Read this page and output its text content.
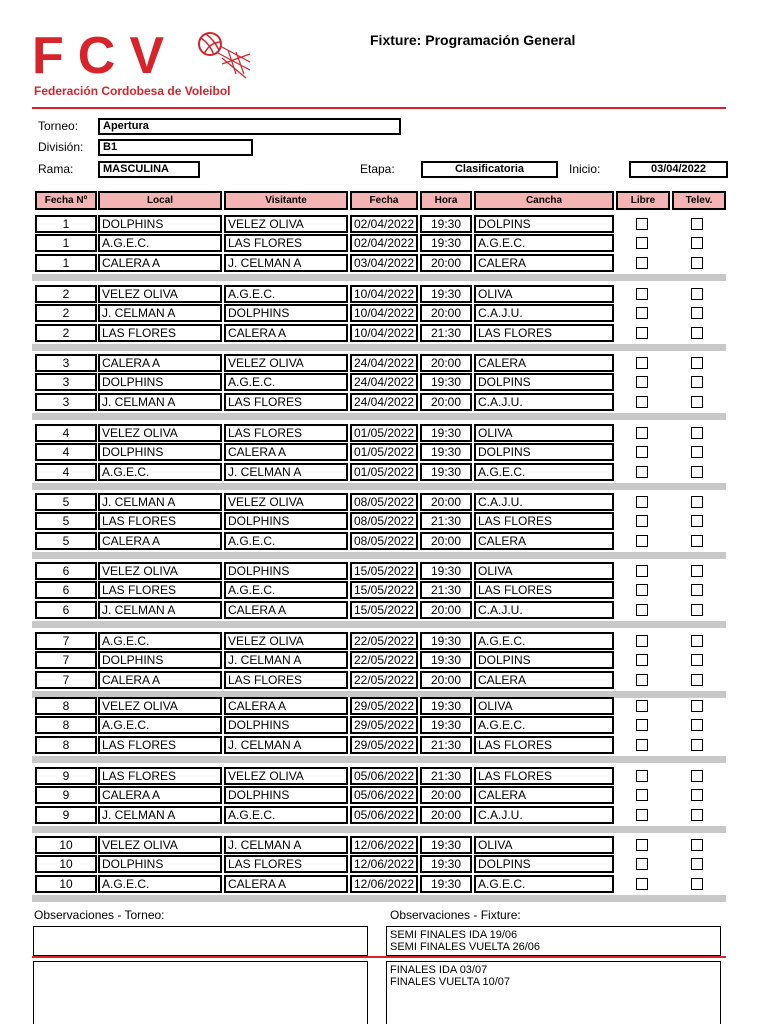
FCV
Federación Cordobesa de Voleibol
Fixture: Programación General
Torneo:	Apertura
División:	B1
Rama:	MASCULINA	Etapa:	Clasificatoria	Inicio:	03/04/2022
Fecha Nº	Local	Visitante	Fecha	Hora	Cancha	Libre	Telev.
1	DOLPHINS	VELEZ OLIVA	02/04/2022	19:30	DOLPINS
1	A.G.E.C.	LAS FLORES	02/04/2022	19:30	A.G.E.C.
1	CALERA A	J. CELMAN A	03/04/2022	20:00	CALERA
2	VELEZ OLIVA	A.G.E.C.	10/04/2022	19:30	OLIVA
2	J. CELMAN A	DOLPHINS	10/04/2022	20:00	C.A.J.U.
2	LAS FLORES	CALERA A	10/04/2022	21:30	LAS FLORES
3	CALERA A	VELEZ OLIVA	24/04/2022	20:00	CALERA
3	DOLPHINS	A.G.E.C.	24/04/2022	19:30	DOLPINS
3	J. CELMAN A	LAS FLORES	24/04/2022	20:00	C.A.J.U.
4	VELEZ OLIVA	LAS FLORES	01/05/2022	19:30	OLIVA
4	DOLPHINS	CALERA A	01/05/2022	19:30	DOLPINS
4	A.G.E.C.	J. CELMAN A	01/05/2022	19:30	A.G.E.C.
5	J. CELMAN A	VELEZ OLIVA	08/05/2022	20:00	C.A.J.U.
5	LAS FLORES	DOLPHINS	08/05/2022	21:30	LAS FLORES
5	CALERA A	A.G.E.C.	08/05/2022	20:00	CALERA
6	VELEZ OLIVA	DOLPHINS	15/05/2022	19:30	OLIVA
6	LAS FLORES	A.G.E.C.	15/05/2022	21:30	LAS FLORES
6	J. CELMAN A	CALERA A	15/05/2022	20:00	C.A.J.U.
7	A.G.E.C.	VELEZ OLIVA	22/05/2022	19:30	A.G.E.C.
7	DOLPHINS	J. CELMAN A	22/05/2022	19:30	DOLPINS
7	CALERA A	LAS FLORES	22/05/2022	20:00	CALERA
8	VELEZ OLIVA	CALERA A	29/05/2022	19:30	OLIVA
8	A.G.E.C.	DOLPHINS	29/05/2022	19:30	A.G.E.C.
8	LAS FLORES	J. CELMAN A	29/05/2022	21:30	LAS FLORES
9	LAS FLORES	VELEZ OLIVA	05/06/2022	21:30	LAS FLORES
9	CALERA A	DOLPHINS	05/06/2022	20:00	CALERA
9	J. CELMAN A	A.G.E.C.	05/06/2022	20:00	C.A.J.U.
10	VELEZ OLIVA	J. CELMAN A	12/06/2022	19:30	OLIVA
10	DOLPHINS	LAS FLORES	12/06/2022	19:30	DOLPINS
10	A.G.E.C.	CALERA A	12/06/2022	19:30	A.G.E.C.
Observaciones - Torneo:	Observaciones - Fixture:
SEMI FINALES IDA 19/06
SEMI FINALES VUELTA 26/06
FINALES IDA 03/07
FINALES VUELTA 10/07
